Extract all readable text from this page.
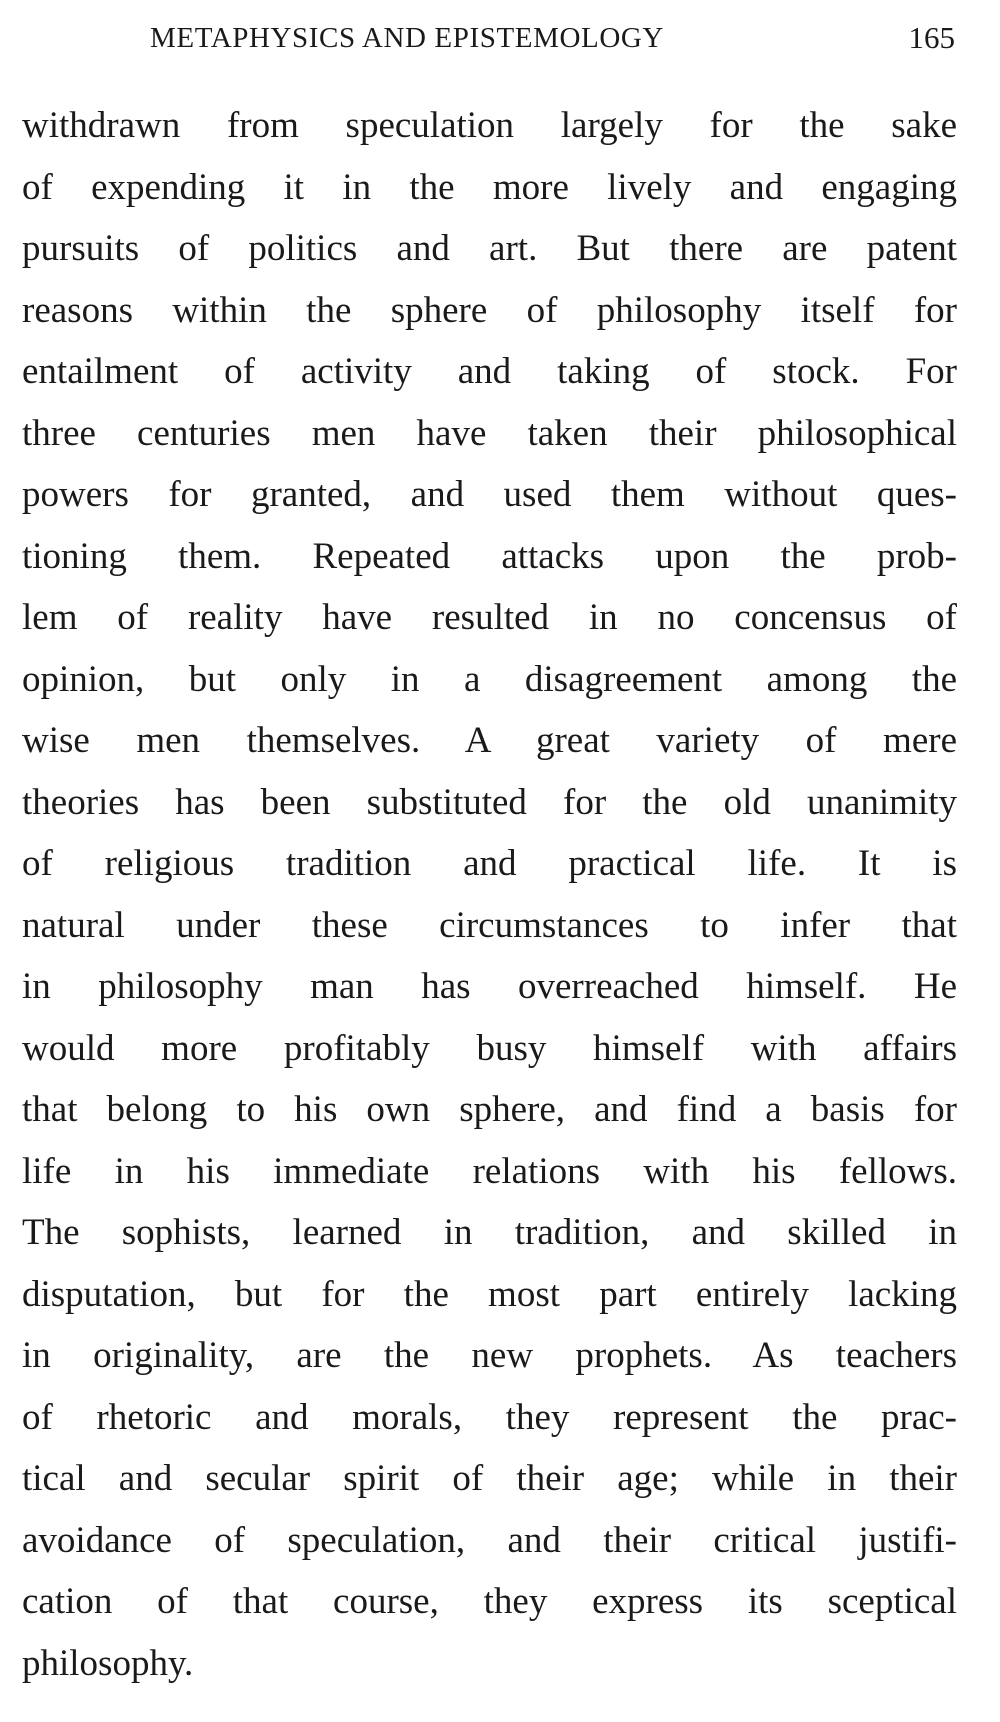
METAPHYSICS AND EPISTEMOLOGY	165
withdrawn from speculation largely for the sake
of expending it in the more lively and engaging
pursuits of politics and art. But there are patent
reasons within the sphere of philosophy itself for
entailment of activity and taking of stock. For
three centuries men have taken their philosophical
powers for granted, and used them without ques-
tioning them. Repeated attacks upon the prob-
lem of reality have resulted in no concensus of
opinion, but only in a disagreement among the
wise men themselves. A great variety of mere
theories has been substituted for the old unanimity
of religious tradition and practical life. It is
natural under these circumstances to infer that
in philosophy man has overreached himself. He
would more profitably busy himself with affairs
that belong to his own sphere, and find a basis for
life in his immediate relations with his fellows.
The sophists, learned in tradition, and skilled in
disputation, but for the most part entirely lacking
in originality, are the new prophets. As teachers
of rhetoric and morals, they represent the prac-
tical and secular spirit of their age; while in their
avoidance of speculation, and their critical justifi-
cation of that course, they express its sceptical
philosophy.
